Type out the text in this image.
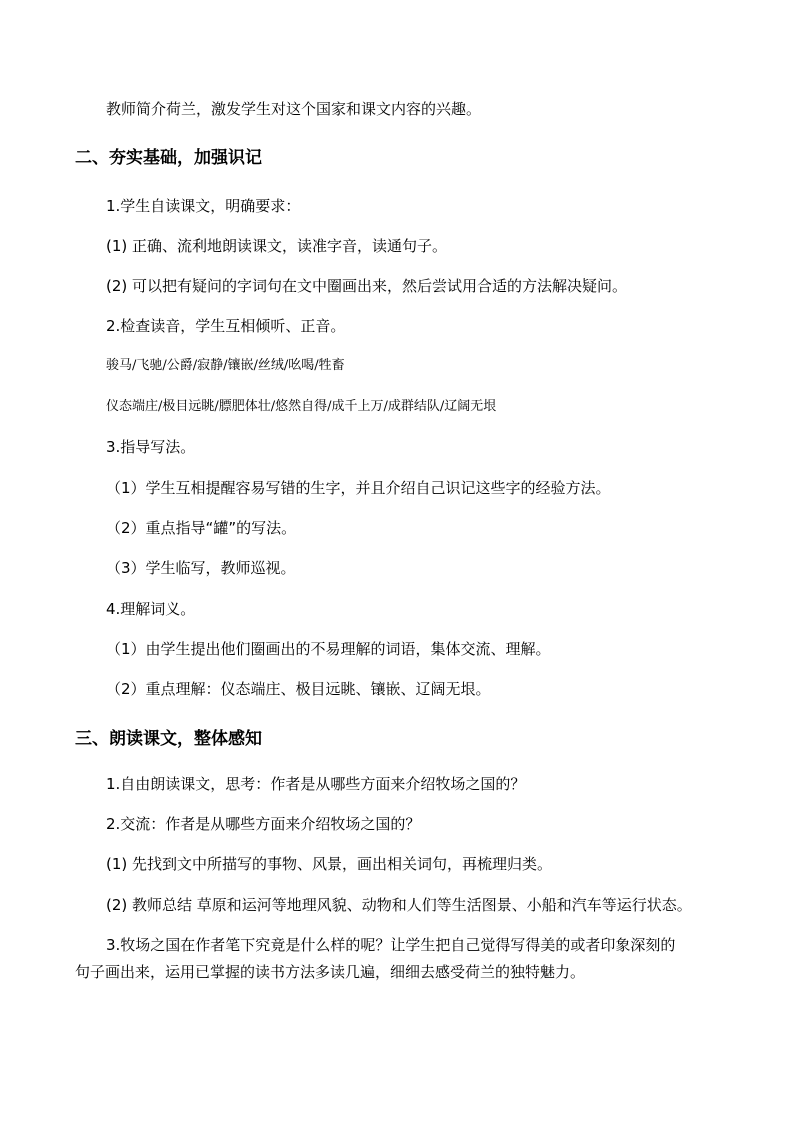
教师简介荷兰，激发学生对这个国家和课文内容的兴趣。
二、夯实基础，加强识记
1.学生自读课文，明确要求：
(1) 正确、流利地朗读课文，读准字音，读通句子。
(2) 可以把有疑问的字词句在文中圈画出来，然后尝试用合适的方法解决疑问。
2.检查读音，学生互相倾听、正音。
骏马/飞驰/公爵/寂静/镶嵌/丝绒/吆喝/牲畜
仪态端庄/极目远眺/膘肥体壮/悠然自得/成千上万/成群结队/辽阔无垠
3.指导写法。
（1）学生互相提醒容易写错的生字，并且介绍自己识记这些字的经验方法。
（2）重点指导“罐”的写法。
（3）学生临写，教师巡视。
4.理解词义。
（1）由学生提出他们圈画出的不易理解的词语，集体交流、理解。
（2）重点理解：仪态端庄、极目远眺、镶嵌、辽阔无垠。
三、朗读课文，整体感知
1.自由朗读课文，思考：作者是从哪些方面来介绍牧场之国的？
2.交流：作者是从哪些方面来介绍牧场之国的？
(1) 先找到文中所描写的事物、风景，画出相关词句，再梳理归类。
(2) 教师总结 草原和运河等地理风貌、动物和人们等生活图景、小船和汽车等运行状态。
3.牧场之国在作者笔下究竟是什么样的呢？让学生把自己觉得写得美的或者印象深刻的
句子画出来，运用已掌握的读书方法多读几遍，细细去感受荷兰的独特魅力。
